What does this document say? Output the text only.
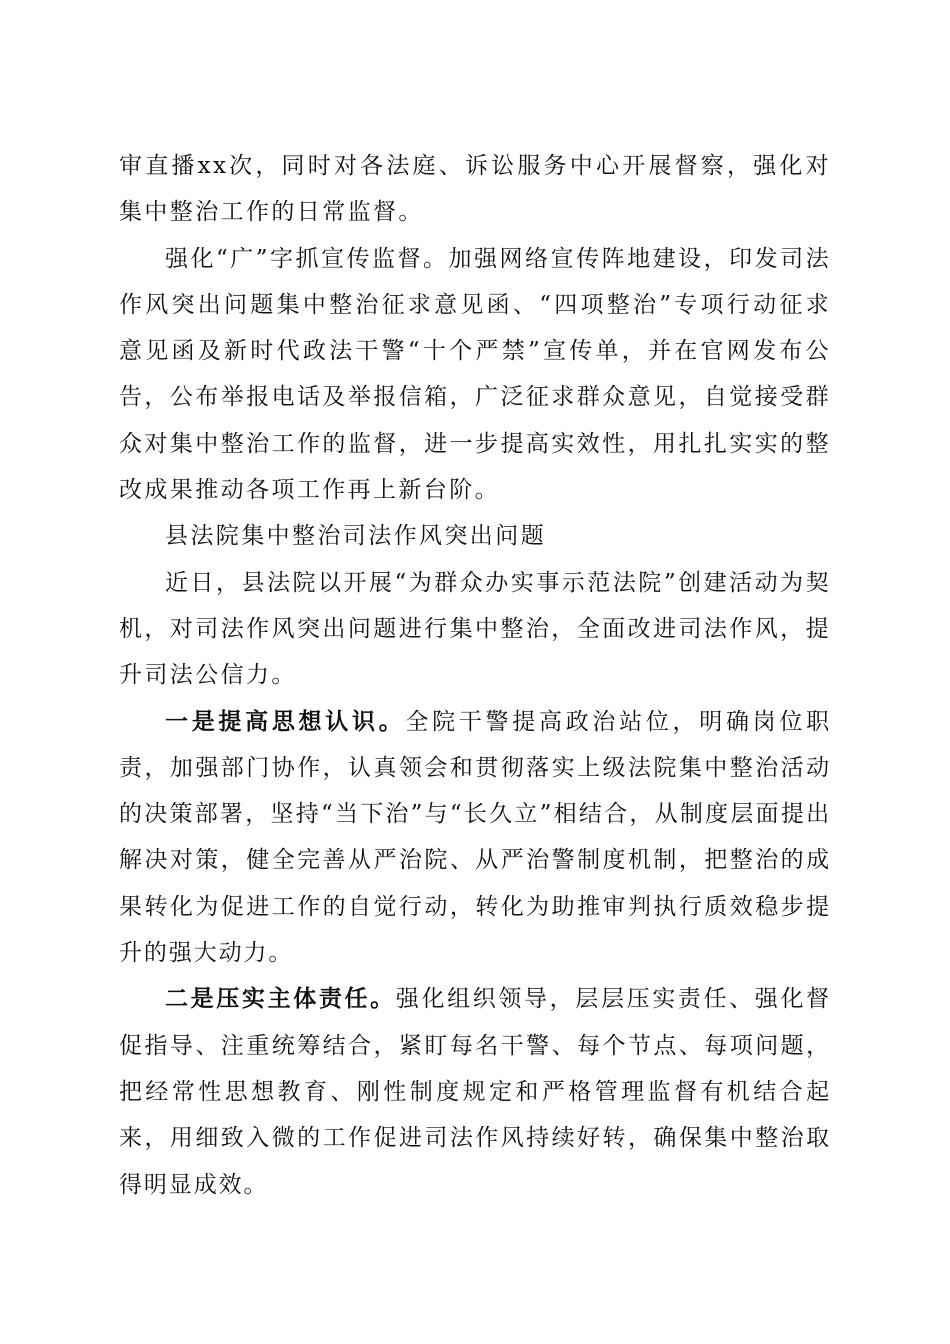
审直播xx次，同时对各法庭、诉讼服务中心开展督察，强化对集中整治工作的日常监督。

强化“广”字抓宣传监督。加强网络宣传阵地建设，印发司法作风突出问题集中整治征求意见函、“四项整治”专项行动征求意见函及新时代政法干警“十个严禁”宣传单，并在官网发布公告，公布举报电话及举报信箱，广泛征求群众意见，自觉接受群众对集中整治工作的监督，进一步提高实效性，用扎扎实实的整改成果推动各项工作再上新台阶。

县法院集中整治司法作风突出问题

近日，县法院以开展“为群众办实事示范法院”创建活动为契机，对司法作风突出问题进行集中整治，全面改进司法作风，提升司法公信力。

一是提高思想认识。全院干警提高政治站位，明确岗位职责，加强部门协作，认真领会和贯彻落实上级法院集中整治活动的决策部署，坚持“当下治”与“长久立”相结合，从制度层面提出解决对策，健全完善从严治院、从严治警制度机制，把整治的成果转化为促进工作的自觉行动，转化为助推审判执行质效稳步提升的强大动力。

二是压实主体责任。强化组织领导，层层压实责任、强化督促指导、注重统筹结合，紧盯每名干警、每个节点、每项问题，把经常性思想教育、刚性制度规定和严格管理监督有机结合起来，用细致入微的工作促进司法作风持续好转，确保集中整治取得明显成效。
